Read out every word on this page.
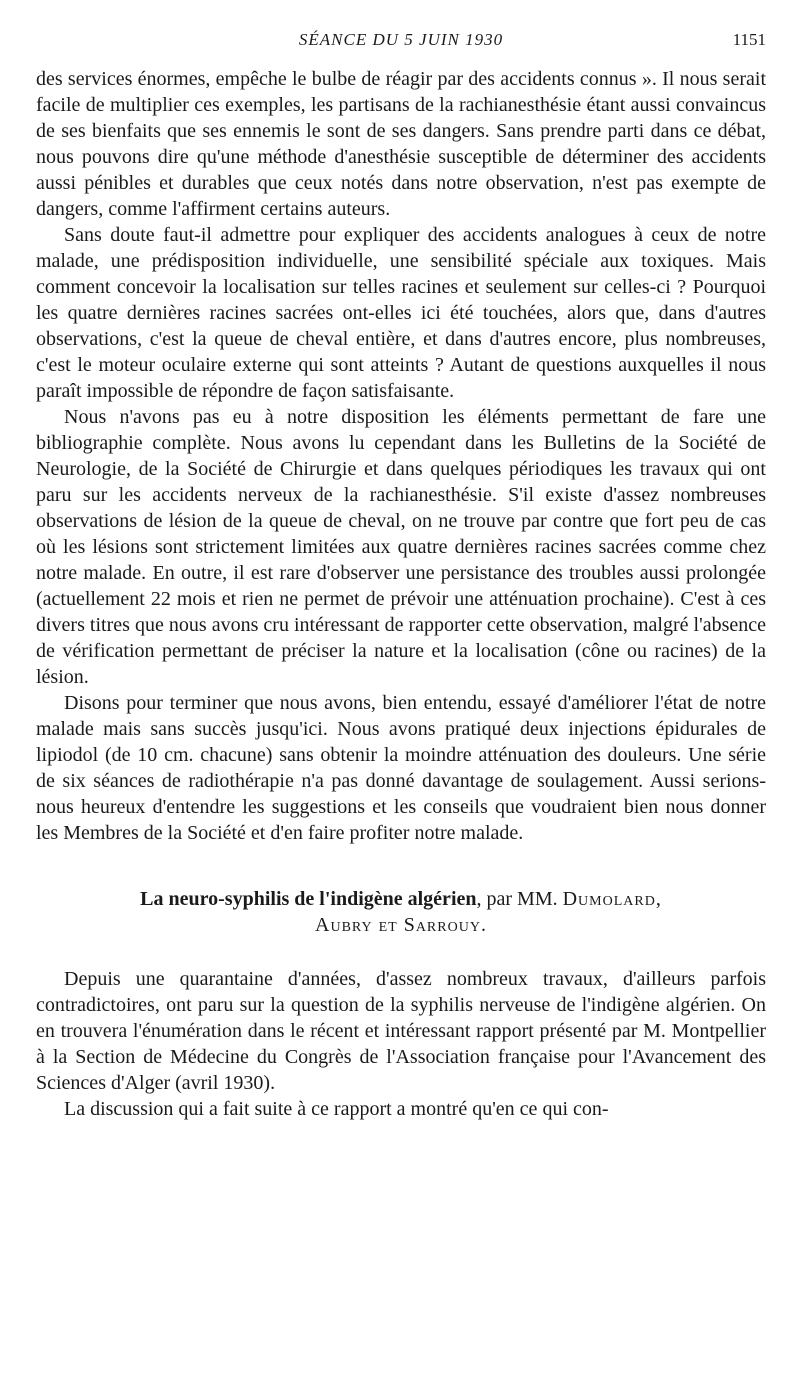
SÉANCE DU 5 JUIN 1930	1151

des services énormes, empêche le bulbe de réagir par des accidents connus ». Il nous serait facile de multiplier ces exemples, les partisans de la rachianesthésie étant aussi convaincus de ses bienfaits que ses ennemis le sont de ses dangers. Sans prendre parti dans ce débat, nous pouvons dire qu'une méthode d'anesthésie susceptible de déterminer des accidents aussi pénibles et durables que ceux notés dans notre observation, n'est pas exempte de dangers, comme l'affirment certains auteurs.

Sans doute faut-il admettre pour expliquer des accidents analogues à ceux de notre malade, une prédisposition individuelle, une sensibilité spéciale aux toxiques. Mais comment concevoir la localisation sur telles racines et seulement sur celles-ci ? Pourquoi les quatre dernières racines sacrées ont-elles ici été touchées, alors que, dans d'autres observations, c'est la queue de cheval entière, et dans d'autres encore, plus nombreuses, c'est le moteur oculaire externe qui sont atteints ? Autant de questions auxquelles il nous paraît impossible de répondre de façon satisfaisante.

Nous n'avons pas eu à notre disposition les éléments permettant de fare une bibliographie complète. Nous avons lu cependant dans les Bulletins de la Société de Neurologie, de la Société de Chirurgie et dans quelques périodiques les travaux qui ont paru sur les accidents nerveux de la rachianesthésie. S'il existe d'assez nombreuses observations de lésion de la queue de cheval, on ne trouve par contre que fort peu de cas où les lésions sont strictement limitées aux quatre dernières racines sacrées comme chez notre malade. En outre, il est rare d'observer une persistance des troubles aussi prolongée (actuellement 22 mois et rien ne permet de prévoir une atténuation prochaine). C'est à ces divers titres que nous avons cru intéressant de rapporter cette observation, malgré l'absence de vérification permettant de préciser la nature et la localisation (cône ou racines) de la lésion.

Disons pour terminer que nous avons, bien entendu, essayé d'améliorer l'état de notre malade mais sans succès jusqu'ici. Nous avons pratiqué deux injections épidurales de lipiodol (de 10 cm. chacune) sans obtenir la moindre atténuation des douleurs. Une série de six séances de radiothérapie n'a pas donné davantage de soulagement. Aussi serions-nous heureux d'entendre les suggestions et les conseils que voudraient bien nous donner les Membres de la Société et d'en faire profiter notre malade.

La neuro-syphilis de l'indigène algérien, par MM. Dumolard,
Aubry et Sarrouy.

Depuis une quarantaine d'années, d'assez nombreux travaux, d'ailleurs parfois contradictoires, ont paru sur la question de la syphilis nerveuse de l'indigène algérien. On en trouvera l'énumération dans le récent et intéressant rapport présenté par M. Montpellier à la Section de Médecine du Congrès de l'Association française pour l'Avancement des Sciences d'Alger (avril 1930).

La discussion qui a fait suite à ce rapport a montré qu'en ce qui con-
